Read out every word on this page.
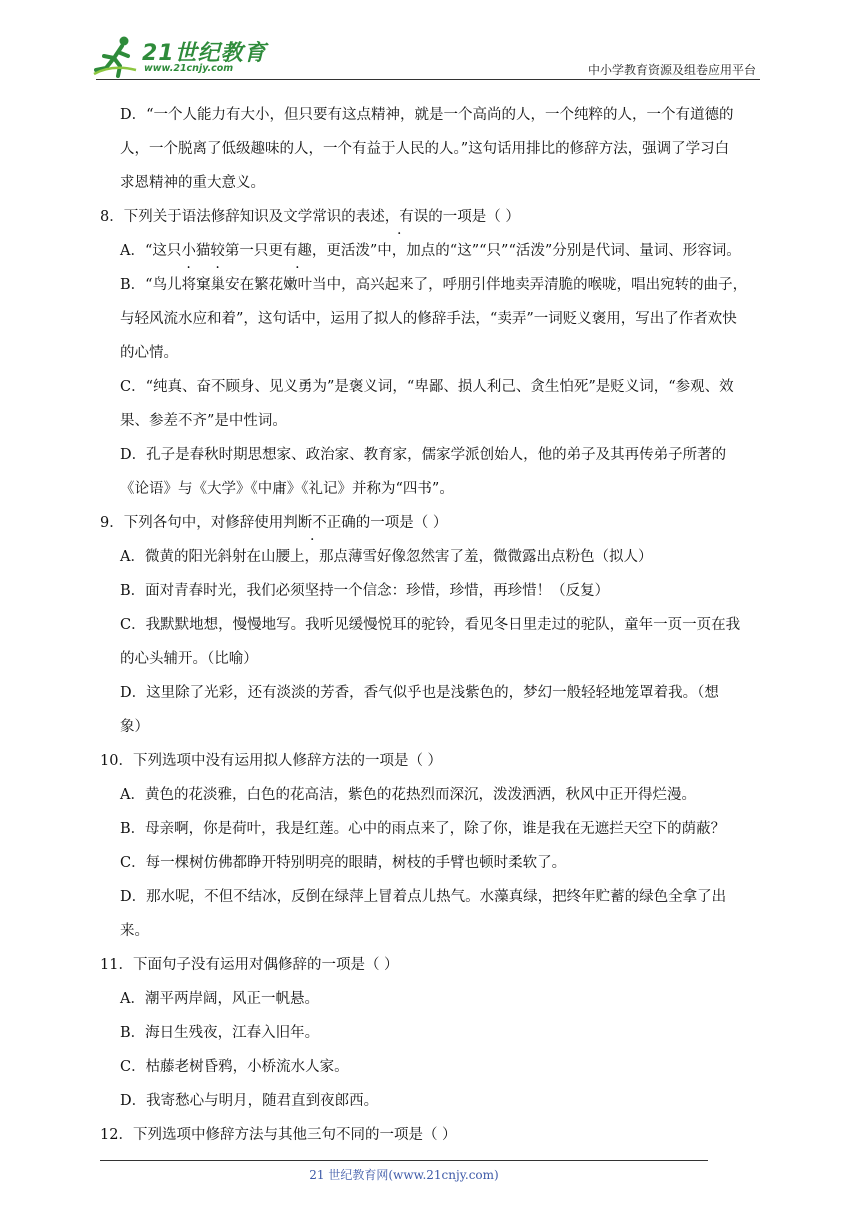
21世纪教育
www.21cnjy.com	中小学教育资源及组卷应用平台
D．“一个人能力有大小，但只要有这点精神，就是一个高尚的人，一个纯粹的人，一个有道德的
人，一个脱离了低级趣味的人，一个有益于人民的人。”这句话用排比的修辞方法，强调了学习白
求恩精神的重大意义。
8．下列关于语法修辞知识及文学常识的表述，有 .误的一项是（ ）
A．“这只小猫较第一只更有趣，更活泼”中，加点的“这”“只”“活泼”分别是代词、量词、形容词。
B．“鸟儿将窠巢安在繁花嫩叶当中，高兴起来了，呼朋引伴地卖弄清脆的喉咙，唱出宛转的曲子，
与轻风流水应和着”，这句话中，运用了拟人的修辞手法，“卖弄”一词贬义褒用，写出了作者欢快
的心情。
C．“纯真、奋不顾身、见义勇为”是褒义词，“卑鄙、损人利己、贪生怕死”是贬义词，“参观、效
果、参差不齐”是中性词。
D．孔子是春秋时期思想家、政治家、教育家，儒家学派创始人，他的弟子及其再传弟子所著的
《论语》与《大学》《中庸》《礼记》并称为“四书”。
9．下列各句中，对修辞使用判断不正确的一项是（ ）
A．微黄的阳光斜射在山腰上，那点薄雪好像忽然害了羞，微微露出点粉色（拟人）
B．面对青春时光，我们必须坚持一个信念：珍惜，珍惜，再珍惜！（反复）
C．我默默地想，慢慢地写。我听见缓慢悦耳的驼铃，看见冬日里走过的驼队，童年一页一页在我
的心头辅开。（比喻）
D．这里除了光彩，还有淡淡的芳香，香气似乎也是浅紫色的，梦幻一般轻轻地笼罩着我。（想
象）
10．下列选项中没有运用拟人修辞方法的一项是（ ）
A．黄色的花淡雅，白色的花高洁，紫色的花热烈而深沉，泼泼洒洒，秋风中正开得烂漫。
B．母亲啊，你是荷叶，我是红莲。心中的雨点来了，除了你，谁是我在无遮拦天空下的荫蔽？
C．每一棵树仿佛都睁开特别明亮的眼睛，树枝的手臂也顿时柔软了。
D．那水呢，不但不结冰，反倒在绿萍上冒着点儿热气。水藻真绿，把终年贮蓄的绿色全拿了出
来。
11．下面句子没有运用对偶修辞的一项是（ ）
A．潮平两岸阔，风正一帆悬。
B．海日生残夜，江春入旧年。
C．枯藤老树昏鸦，小桥流水人家。
D．我寄愁心与明月，随君直到夜郎西。
12．下列选项中修辞方法与其他三句不同的一项是（ ）
21 世纪教育网(www.21cnjy.com)
